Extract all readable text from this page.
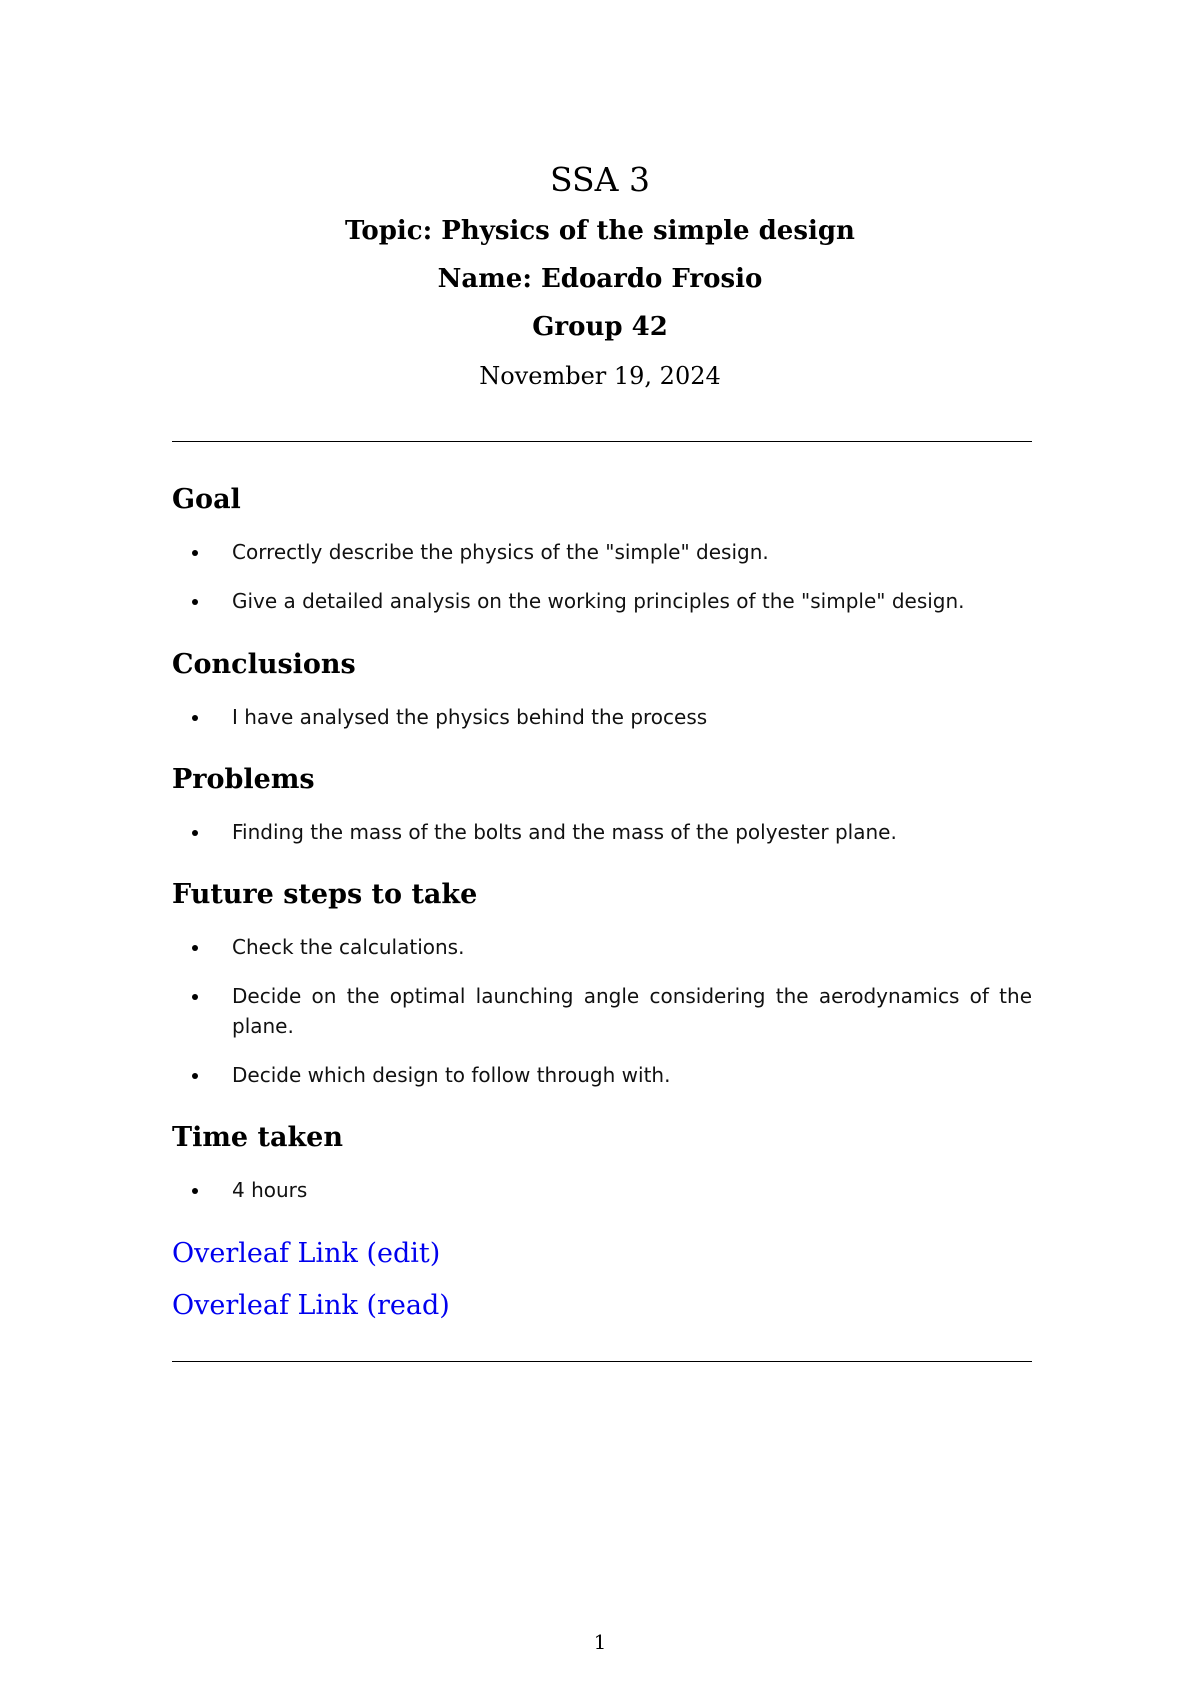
SSA 3
Topic: Physics of the simple design
Name: Edoardo Frosio
Group 42
November 19, 2024
Goal
Correctly describe the physics of the "simple" design.
Give a detailed analysis on the working principles of the "simple" design.
Conclusions
I have analysed the physics behind the process
Problems
Finding the mass of the bolts and the mass of the polyester plane.
Future steps to take
Check the calculations.
Decide on the optimal launching angle considering the aerodynamics of the plane.
Decide which design to follow through with.
Time taken
4 hours
Overleaf Link (edit)
Overleaf Link (read)
1
